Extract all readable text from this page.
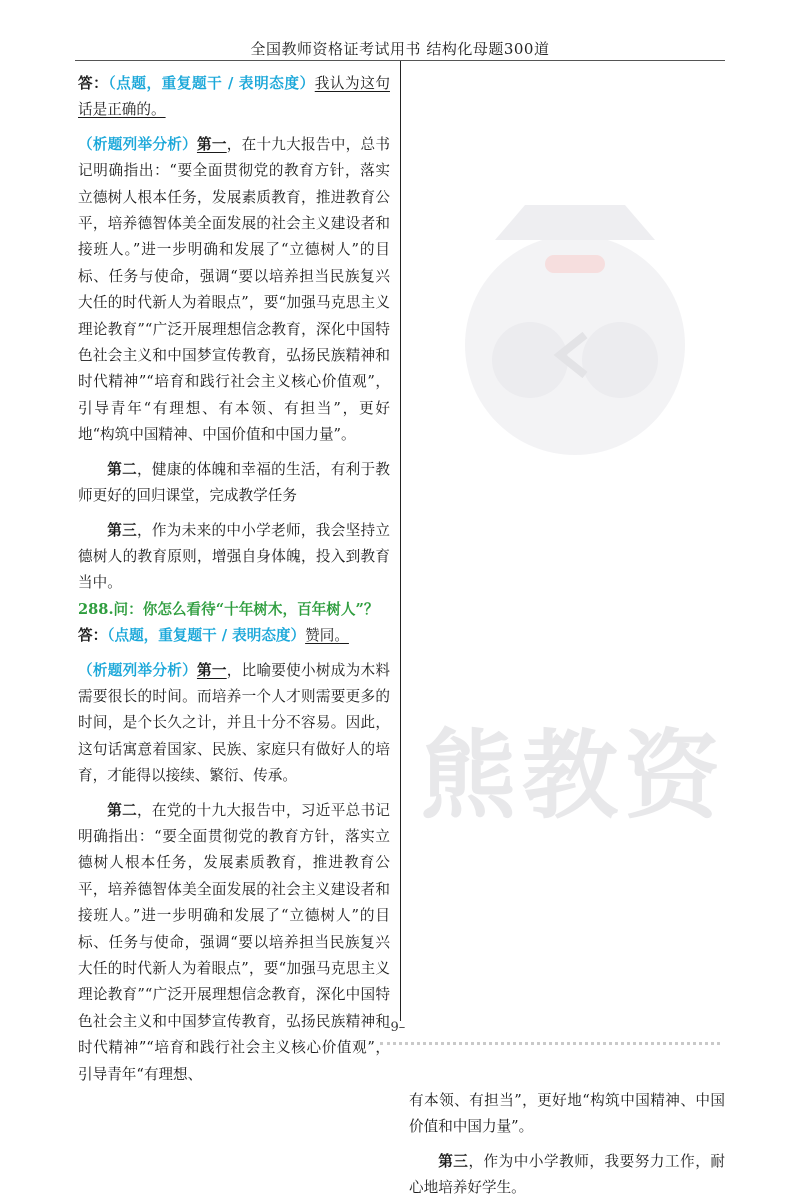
全国教师资格证考试用书 结构化母题300道
熊教资

答：（点题，重复题干 / 表明态度）我认为这句话是正确的。

（析题列举分析）第一，在十九大报告中，总书记明确指出：“要全面贯彻党的教育方针，落实立德树人根本任务，发展素质教育，推进教育公平，培养德智体美全面发展的社会主义建设者和接班人。”进一步明确和发展了“立德树人”的目标、任务与使命，强调“要以培养担当民族复兴大任的时代新人为着眼点”，要“加强马克思主义理论教育”“广泛开展理想信念教育，深化中国特色社会主义和中国梦宣传教育，弘扬民族精神和时代精神”“培育和践行社会主义核心价值观”，引导青年“有理想、有本领、有担当”，更好地“构筑中国精神、中国价值和中国力量”。

第二，健康的体魄和幸福的生活，有利于教师更好的回归课堂，完成教学任务

第三，作为未来的中小学老师，我会坚持立德树人的教育原则，增强自身体魄，投入到教育当中。

288.问：你怎么看待“十年树木，百年树人”？

答：（点题，重复题干 / 表明态度）赞同。

（析题列举分析）第一，比喻要使小树成为木料需要很长的时间。而培养一个人才则需要更多的时间，是个长久之计，并且十分不容易。因此，这句话寓意着国家、民族、家庭只有做好人的培育，才能得以接续、繁衍、传承。

第二，在党的十九大报告中，习近平总书记明确指出：“要全面贯彻党的教育方针，落实立德树人根本任务，发展素质教育，推进教育公平，培养德智体美全面发展的社会主义建设者和接班人。”进一步明确和发展了“立德树人”的目标、任务与使命，强调“要以培养担当民族复兴大任的时代新人为着眼点”，要“加强马克思主义理论教育”“广泛开展理想信念教育，深化中国特色社会主义和中国梦宣传教育，弘扬民族精神和时代精神”“培育和践行社会主义核心价值观”，引导青年“有理想、

有本领、有担当”，更好地“构筑中国精神、中国价值和中国力量”。

第三，作为中小学教师，我要努力工作，耐心地培养好学生。

–9–
